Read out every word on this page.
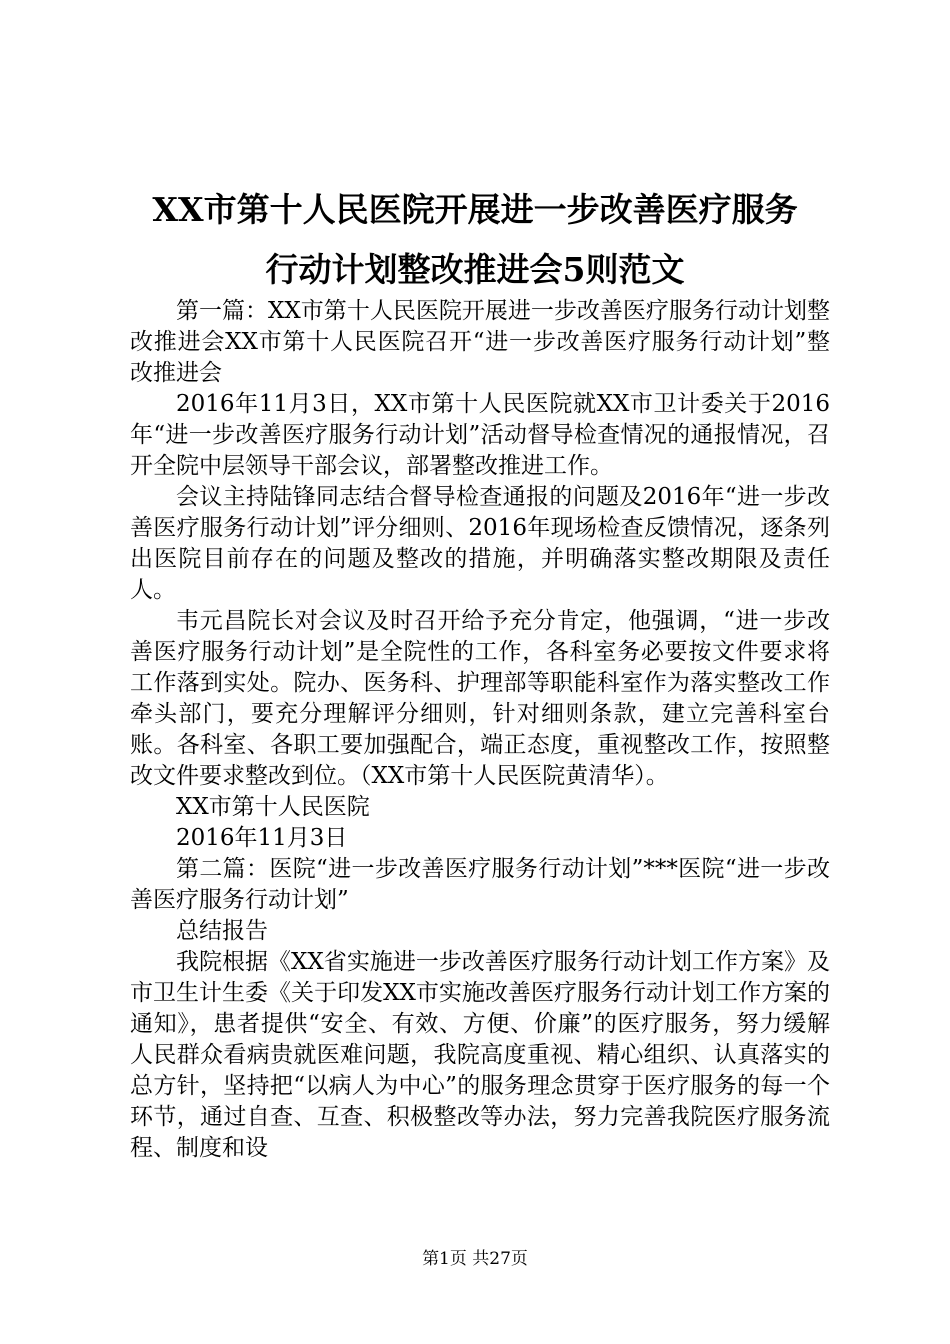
XX市第十人民医院开展进一步改善医疗服务
行动计划整改推进会5则范文

第一篇：XX市第十人民医院开展进一步改善医疗服务行动计划整改推进会XX市第十人民医院召开“进一步改善医疗服务行动计划”整改推进会

2016年11月3日，XX市第十人民医院就XX市卫计委关于2016年“进一步改善医疗服务行动计划”活动督导检查情况的通报情况，召开全院中层领导干部会议，部署整改推进工作。

会议主持陆锋同志结合督导检查通报的问题及2016年“进一步改善医疗服务行动计划”评分细则、2016年现场检查反馈情况，逐条列出医院目前存在的问题及整改的措施，并明确落实整改期限及责任人。

韦元昌院长对会议及时召开给予充分肯定，他强调，“进一步改善医疗服务行动计划”是全院性的工作，各科室务必要按文件要求将工作落到实处。院办、医务科、护理部等职能科室作为落实整改工作牵头部门，要充分理解评分细则，针对细则条款，建立完善科室台账。各科室、各职工要加强配合，端正态度，重视整改工作，按照整改文件要求整改到位。（XX市第十人民医院黄清华）。

XX市第十人民医院

2016年11月3日

第二篇：医院“进一步改善医疗服务行动计划”***医院“进一步改善医疗服务行动计划”

总结报告

我院根据《XX省实施进一步改善医疗服务行动计划工作方案》及市卫生计生委《关于印发XX市实施改善医疗服务行动计划工作方案的通知》，患者提供“安全、有效、方便、价廉”的医疗服务，努力缓解人民群众看病贵就医难问题，我院高度重视、精心组织、认真落实的总方针，坚持把“以病人为中心”的服务理念贯穿于医疗服务的每一个环节，通过自查、互查、积极整改等办法，努力完善我院医疗服务流程、制度和设

第1页 共27页
